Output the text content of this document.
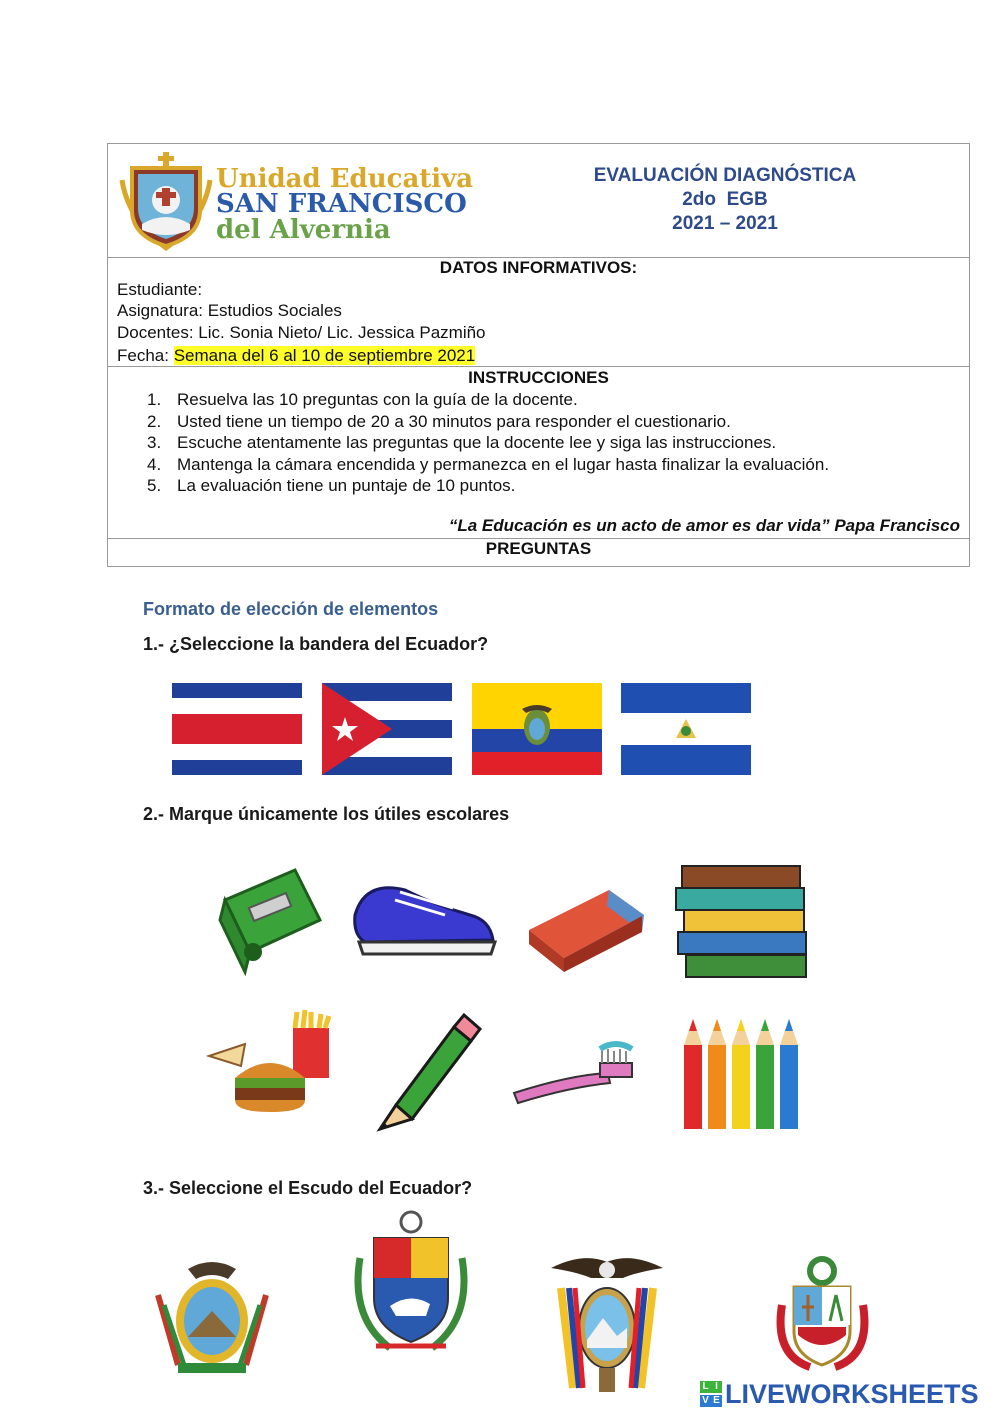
Unidad Educativa
SAN FRANCISCO
del Alvernia
EVALUACIÓN DIAGNÓSTICA
2do  EGB
2021 – 2021
DATOS INFORMATIVOS:
Estudiante:
Asignatura: Estudios Sociales
Docentes: Lic. Sonia Nieto/ Lic. Jessica Pazmiño
Fecha: Semana del 6 al 10 de septiembre 2021
INSTRUCCIONES
1. Resuelva las 10 preguntas con la guía de la docente.
2. Usted tiene un tiempo de 20 a 30 minutos para responder el cuestionario.
3. Escuche atentamente las preguntas que la docente lee y siga las instrucciones.
4. Mantenga la cámara encendida y permanezca en el lugar hasta finalizar la evaluación.
5. La evaluación tiene un puntaje de 10 puntos.
“La Educación es un acto de amor es dar vida” Papa Francisco
PREGUNTAS
Formato de elección de elementos
1.- ¿Seleccione la bandera del Ecuador?
2.- Marque únicamente los útiles escolares
3.- Seleccione el Escudo del Ecuador?
L I
V E LIVEWORKSHEETS
